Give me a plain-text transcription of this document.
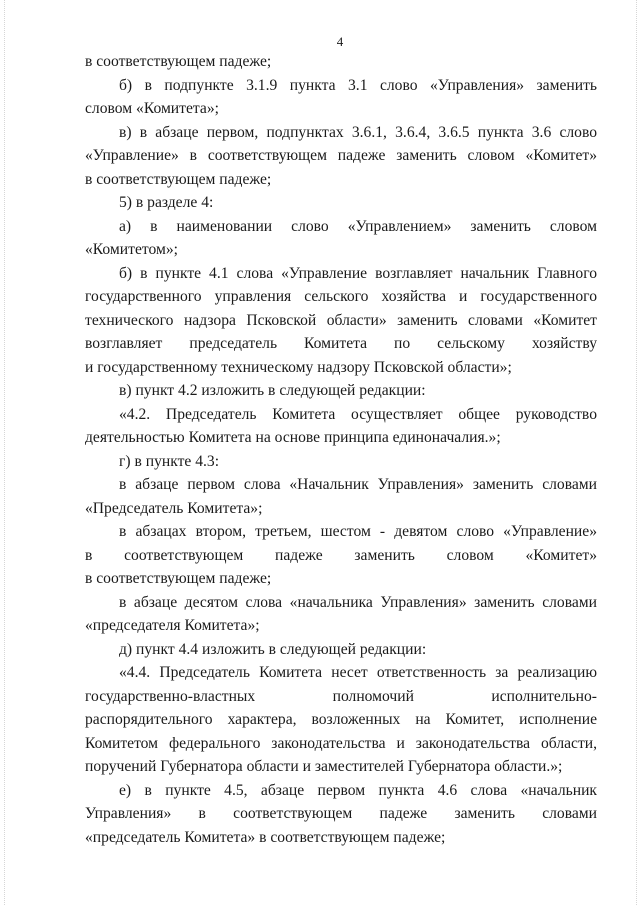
4
в соответствующем падеже;
б) в подпункте 3.1.9 пункта 3.1 слово «Управления» заменить
словом «Комитета»;
в) в абзаце первом, подпунктах 3.6.1, 3.6.4, 3.6.5 пункта 3.6 слово
«Управление» в соответствующем падеже заменить словом «Комитет»
в соответствующем падеже;
5) в разделе 4:
а) в наименовании слово «Управлением» заменить словом
«Комитетом»;
б) в пункте 4.1 слова «Управление возглавляет начальник Главного
государственного управления сельского хозяйства и государственного
технического надзора Псковской области» заменить словами «Комитет
возглавляет председатель Комитета по сельскому хозяйству
и государственному техническому надзору Псковской области»;
в) пункт 4.2 изложить в следующей редакции:
«4.2. Председатель Комитета осуществляет общее руководство
деятельностью Комитета на основе принципа единоначалия.»;
г) в пункте 4.3:
в абзаце первом слова «Начальник Управления» заменить словами
«Председатель Комитета»;
в абзацах втором, третьем, шестом - девятом слово «Управление»
в соответствующем падеже заменить словом «Комитет»
в соответствующем падеже;
в абзаце десятом слова «начальника Управления» заменить словами
«председателя Комитета»;
д) пункт 4.4 изложить в следующей редакции:
«4.4. Председатель Комитета несет ответственность за реализацию
государственно-властных полномочий исполнительно-
распорядительного характера, возложенных на Комитет, исполнение
Комитетом федерального законодательства и законодательства области,
поручений Губернатора области и заместителей Губернатора области.»;
е) в пункте 4.5, абзаце первом пункта 4.6 слова «начальник
Управления» в соответствующем падеже заменить словами
«председатель Комитета» в соответствующем падеже;
